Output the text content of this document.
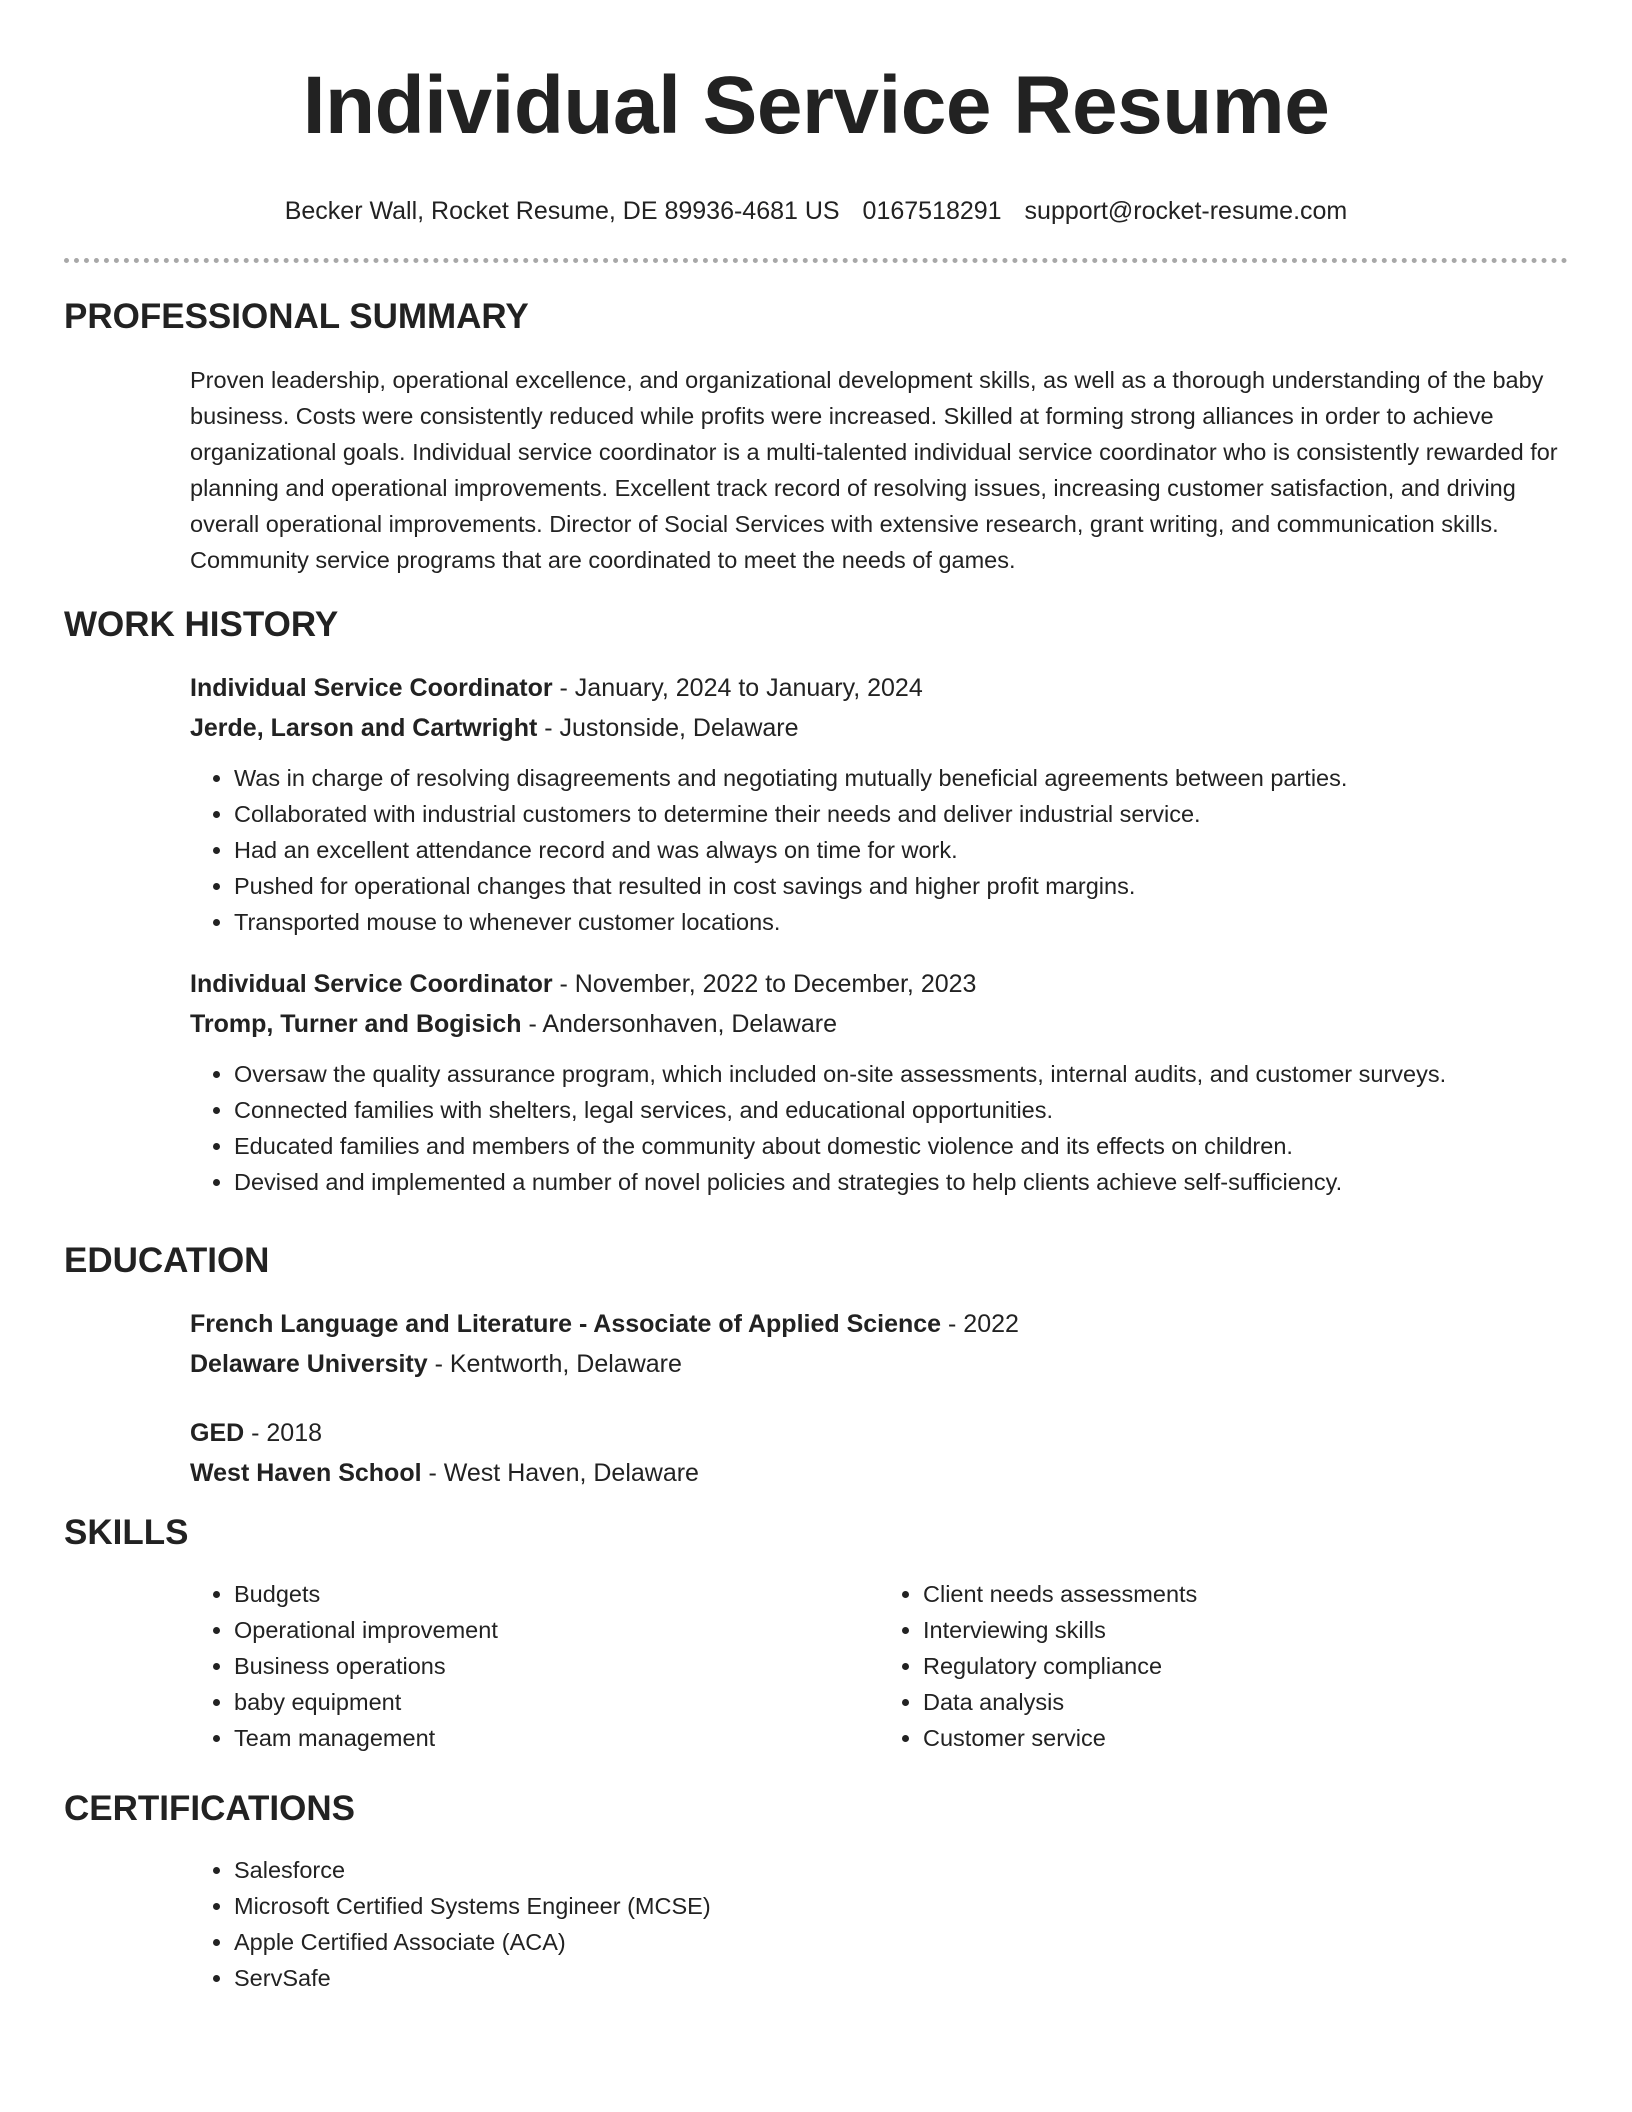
Individual Service Resume
Becker Wall, Rocket Resume, DE 89936-4681 US 0167518291 support@rocket-resume.com
PROFESSIONAL SUMMARY
Proven leadership, operational excellence, and organizational development skills, as well as a thorough understanding of the baby business. Costs were consistently reduced while profits were increased. Skilled at forming strong alliances in order to achieve organizational goals. Individual service coordinator is a multi-talented individual service coordinator who is consistently rewarded for planning and operational improvements. Excellent track record of resolving issues, increasing customer satisfaction, and driving overall operational improvements. Director of Social Services with extensive research, grant writing, and communication skills. Community service programs that are coordinated to meet the needs of games.
WORK HISTORY
Individual Service Coordinator - January, 2024 to January, 2024
Jerde, Larson and Cartwright - Justonside, Delaware
• Was in charge of resolving disagreements and negotiating mutually beneficial agreements between parties.
• Collaborated with industrial customers to determine their needs and deliver industrial service.
• Had an excellent attendance record and was always on time for work.
• Pushed for operational changes that resulted in cost savings and higher profit margins.
• Transported mouse to whenever customer locations.
Individual Service Coordinator - November, 2022 to December, 2023
Tromp, Turner and Bogisich - Andersonhaven, Delaware
• Oversaw the quality assurance program, which included on-site assessments, internal audits, and customer surveys.
• Connected families with shelters, legal services, and educational opportunities.
• Educated families and members of the community about domestic violence and its effects on children.
• Devised and implemented a number of novel policies and strategies to help clients achieve self-sufficiency.
EDUCATION
French Language and Literature - Associate of Applied Science - 2022
Delaware University - Kentworth, Delaware
GED - 2018
West Haven School - West Haven, Delaware
SKILLS
• Budgets
• Operational improvement
• Business operations
• baby equipment
• Team management
• Client needs assessments
• Interviewing skills
• Regulatory compliance
• Data analysis
• Customer service
CERTIFICATIONS
• Salesforce
• Microsoft Certified Systems Engineer (MCSE)
• Apple Certified Associate (ACA)
• ServSafe
